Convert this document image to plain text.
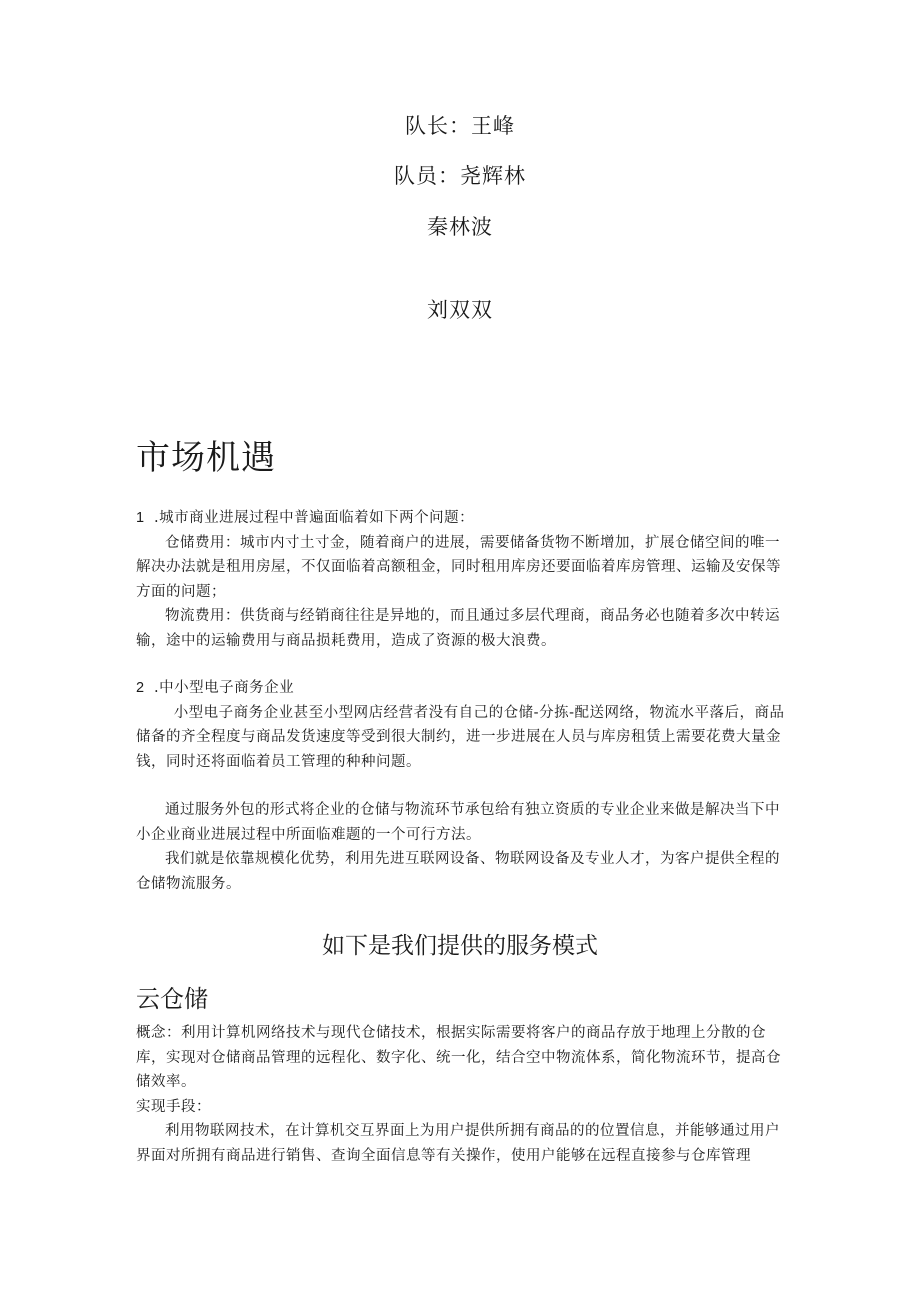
队长：王峰
队员：尧辉林
秦林波
刘双双
市场机遇

1 .城市商业进展过程中普遍面临着如下两个问题：

仓储费用：城市内寸土寸金，随着商户的进展，需要储备货物不断增加，扩展仓储空间的唯一解决办法就是租用房屋，不仅面临着高额租金，同时租用库房还要面临着库房管理、运输及安保等方面的问题；

物流费用：供货商与经销商往往是异地的，而且通过多层代理商，商品务必也随着多次中转运输，途中的运输费用与商品损耗费用，造成了资源的极大浪费。

2 .中小型电子商务企业

小型电子商务企业甚至小型网店经营者没有自己的仓储-分拣-配送网络，物流水平落后，商品储备的齐全程度与商品发货速度等受到很大制约，进一步进展在人员与库房租赁上需要花费大量金钱，同时还将面临着员工管理的种种问题。

通过服务外包的形式将企业的仓储与物流环节承包给有独立资质的专业企业来做是解决当下中小企业商业进展过程中所面临难题的一个可行方法。

我们就是依靠规模化优势，利用先进互联网设备、物联网设备及专业人才，为客户提供全程的仓储物流服务。

如下是我们提供的服务模式
云仓储

概念：利用计算机网络技术与现代仓储技术，根据实际需要将客户的商品存放于地理上分散的仓库，实现对仓储商品管理的远程化、数字化、统一化，结合空中物流体系，简化物流环节，提高仓储效率。

实现手段：

利用物联网技术，在计算机交互界面上为用户提供所拥有商品的的位置信息，并能够通过用户界面对所拥有商品进行销售、查询全面信息等有关操作，使用户能够在远程直接参与仓库管理
